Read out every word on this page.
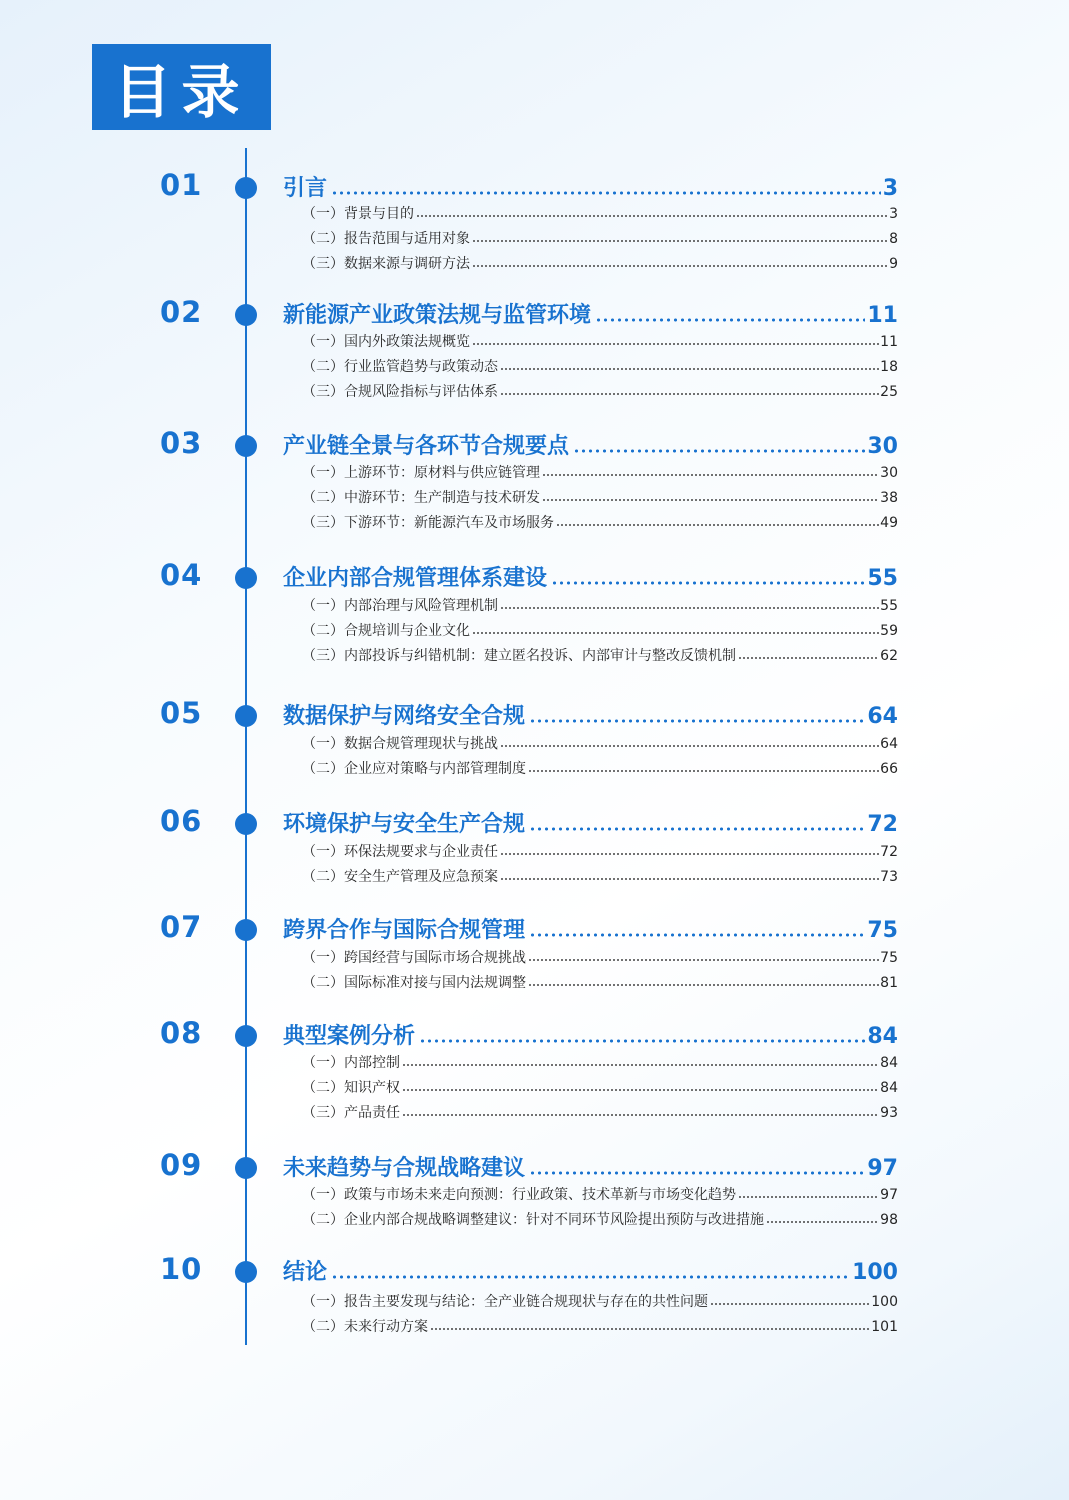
目录
01	引言	3
（一）背景与目的	3
（二）报告范围与适用对象	8
（三）数据来源与调研方法	9
02	新能源产业政策法规与监管环境	11
（一）国内外政策法规概览	11
（二）行业监管趋势与政策动态	18
（三）合规风险指标与评估体系	25
03	产业链全景与各环节合规要点	30
（一）上游环节：原材料与供应链管理	30
（二）中游环节：生产制造与技术研发	38
（三）下游环节：新能源汽车及市场服务	49
04	企业内部合规管理体系建设	55
（一）内部治理与风险管理机制	55
（二）合规培训与企业文化	59
（三）内部投诉与纠错机制：建立匿名投诉、内部审计与整改反馈机制	62
05	数据保护与网络安全合规	64
（一）数据合规管理现状与挑战	64
（二）企业应对策略与内部管理制度	66
06	环境保护与安全生产合规	72
（一）环保法规要求与企业责任	72
（二）安全生产管理及应急预案	73
07	跨界合作与国际合规管理	75
（一）跨国经营与国际市场合规挑战	75
（二）国际标准对接与国内法规调整	81
08	典型案例分析	84
（一）内部控制	84
（二）知识产权	84
（三）产品责任	93
09	未来趋势与合规战略建议	97
（一）政策与市场未来走向预测：行业政策、技术革新与市场变化趋势	97
（二）企业内部合规战略调整建议：针对不同环节风险提出预防与改进措施	98
10	结论	100
（一）报告主要发现与结论：全产业链合规现状与存在的共性问题	100
（二）未来行动方案	101
